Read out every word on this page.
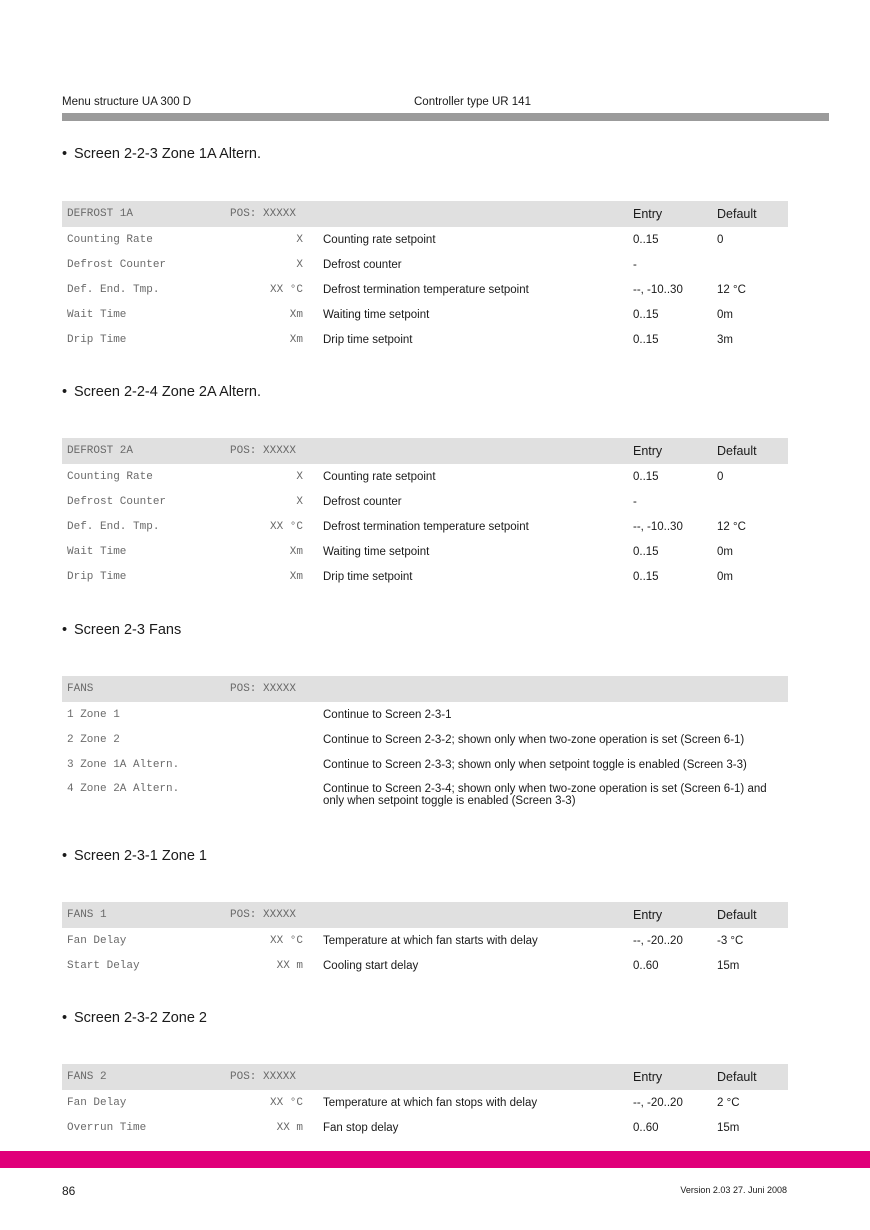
Menu structure UA 300 D	Controller type UR 141
• Screen 2-2-3 Zone 1A Altern.
DEFROST 1A	POS: XXXXX		Entry	Default
Counting Rate	X	Counting rate setpoint	0..15	0
Defrost Counter	X	Defrost counter	-	
Def. End. Tmp.	XX °C	Defrost termination temperature setpoint	--, -10..30	12 °C
Wait Time	Xm	Waiting time setpoint	0..15	0m
Drip Time	Xm	Drip time setpoint	0..15	3m
• Screen 2-2-4 Zone 2A Altern.
DEFROST 2A	POS: XXXXX		Entry	Default
Counting Rate	X	Counting rate setpoint	0..15	0
Defrost Counter	X	Defrost counter	-	
Def. End. Tmp.	XX °C	Defrost termination temperature setpoint	--, -10..30	12 °C
Wait Time	Xm	Waiting time setpoint	0..15	0m
Drip Time	Xm	Drip time setpoint	0..15	0m
• Screen 2-3 Fans
FANS	POS: XXXXX			
1 Zone 1		Continue to Screen 2-3-1		
2 Zone 2		Continue to Screen 2-3-2; shown only when two-zone operation is set (Screen 6-1)		
3 Zone 1A Altern.		Continue to Screen 2-3-3; shown only when setpoint toggle is enabled (Screen 3-3)		
4 Zone 2A Altern.		Continue to Screen 2-3-4; shown only when two-zone operation is set (Screen 6-1) and only when setpoint toggle is enabled (Screen 3-3)		
• Screen 2-3-1 Zone 1
FANS 1	POS: XXXXX		Entry	Default
Fan Delay	XX °C	Temperature at which fan starts with delay	--, -20..20	-3 °C
Start Delay	XX m	Cooling start delay	0..60	15m
• Screen 2-3-2 Zone 2
FANS 2	POS: XXXXX		Entry	Default
Fan Delay	XX °C	Temperature at which fan stops with delay	--, -20..20	2 °C
Overrun Time	XX m	Fan stop delay	0..60	15m
86	Version 2.03 27. Juni 2008
